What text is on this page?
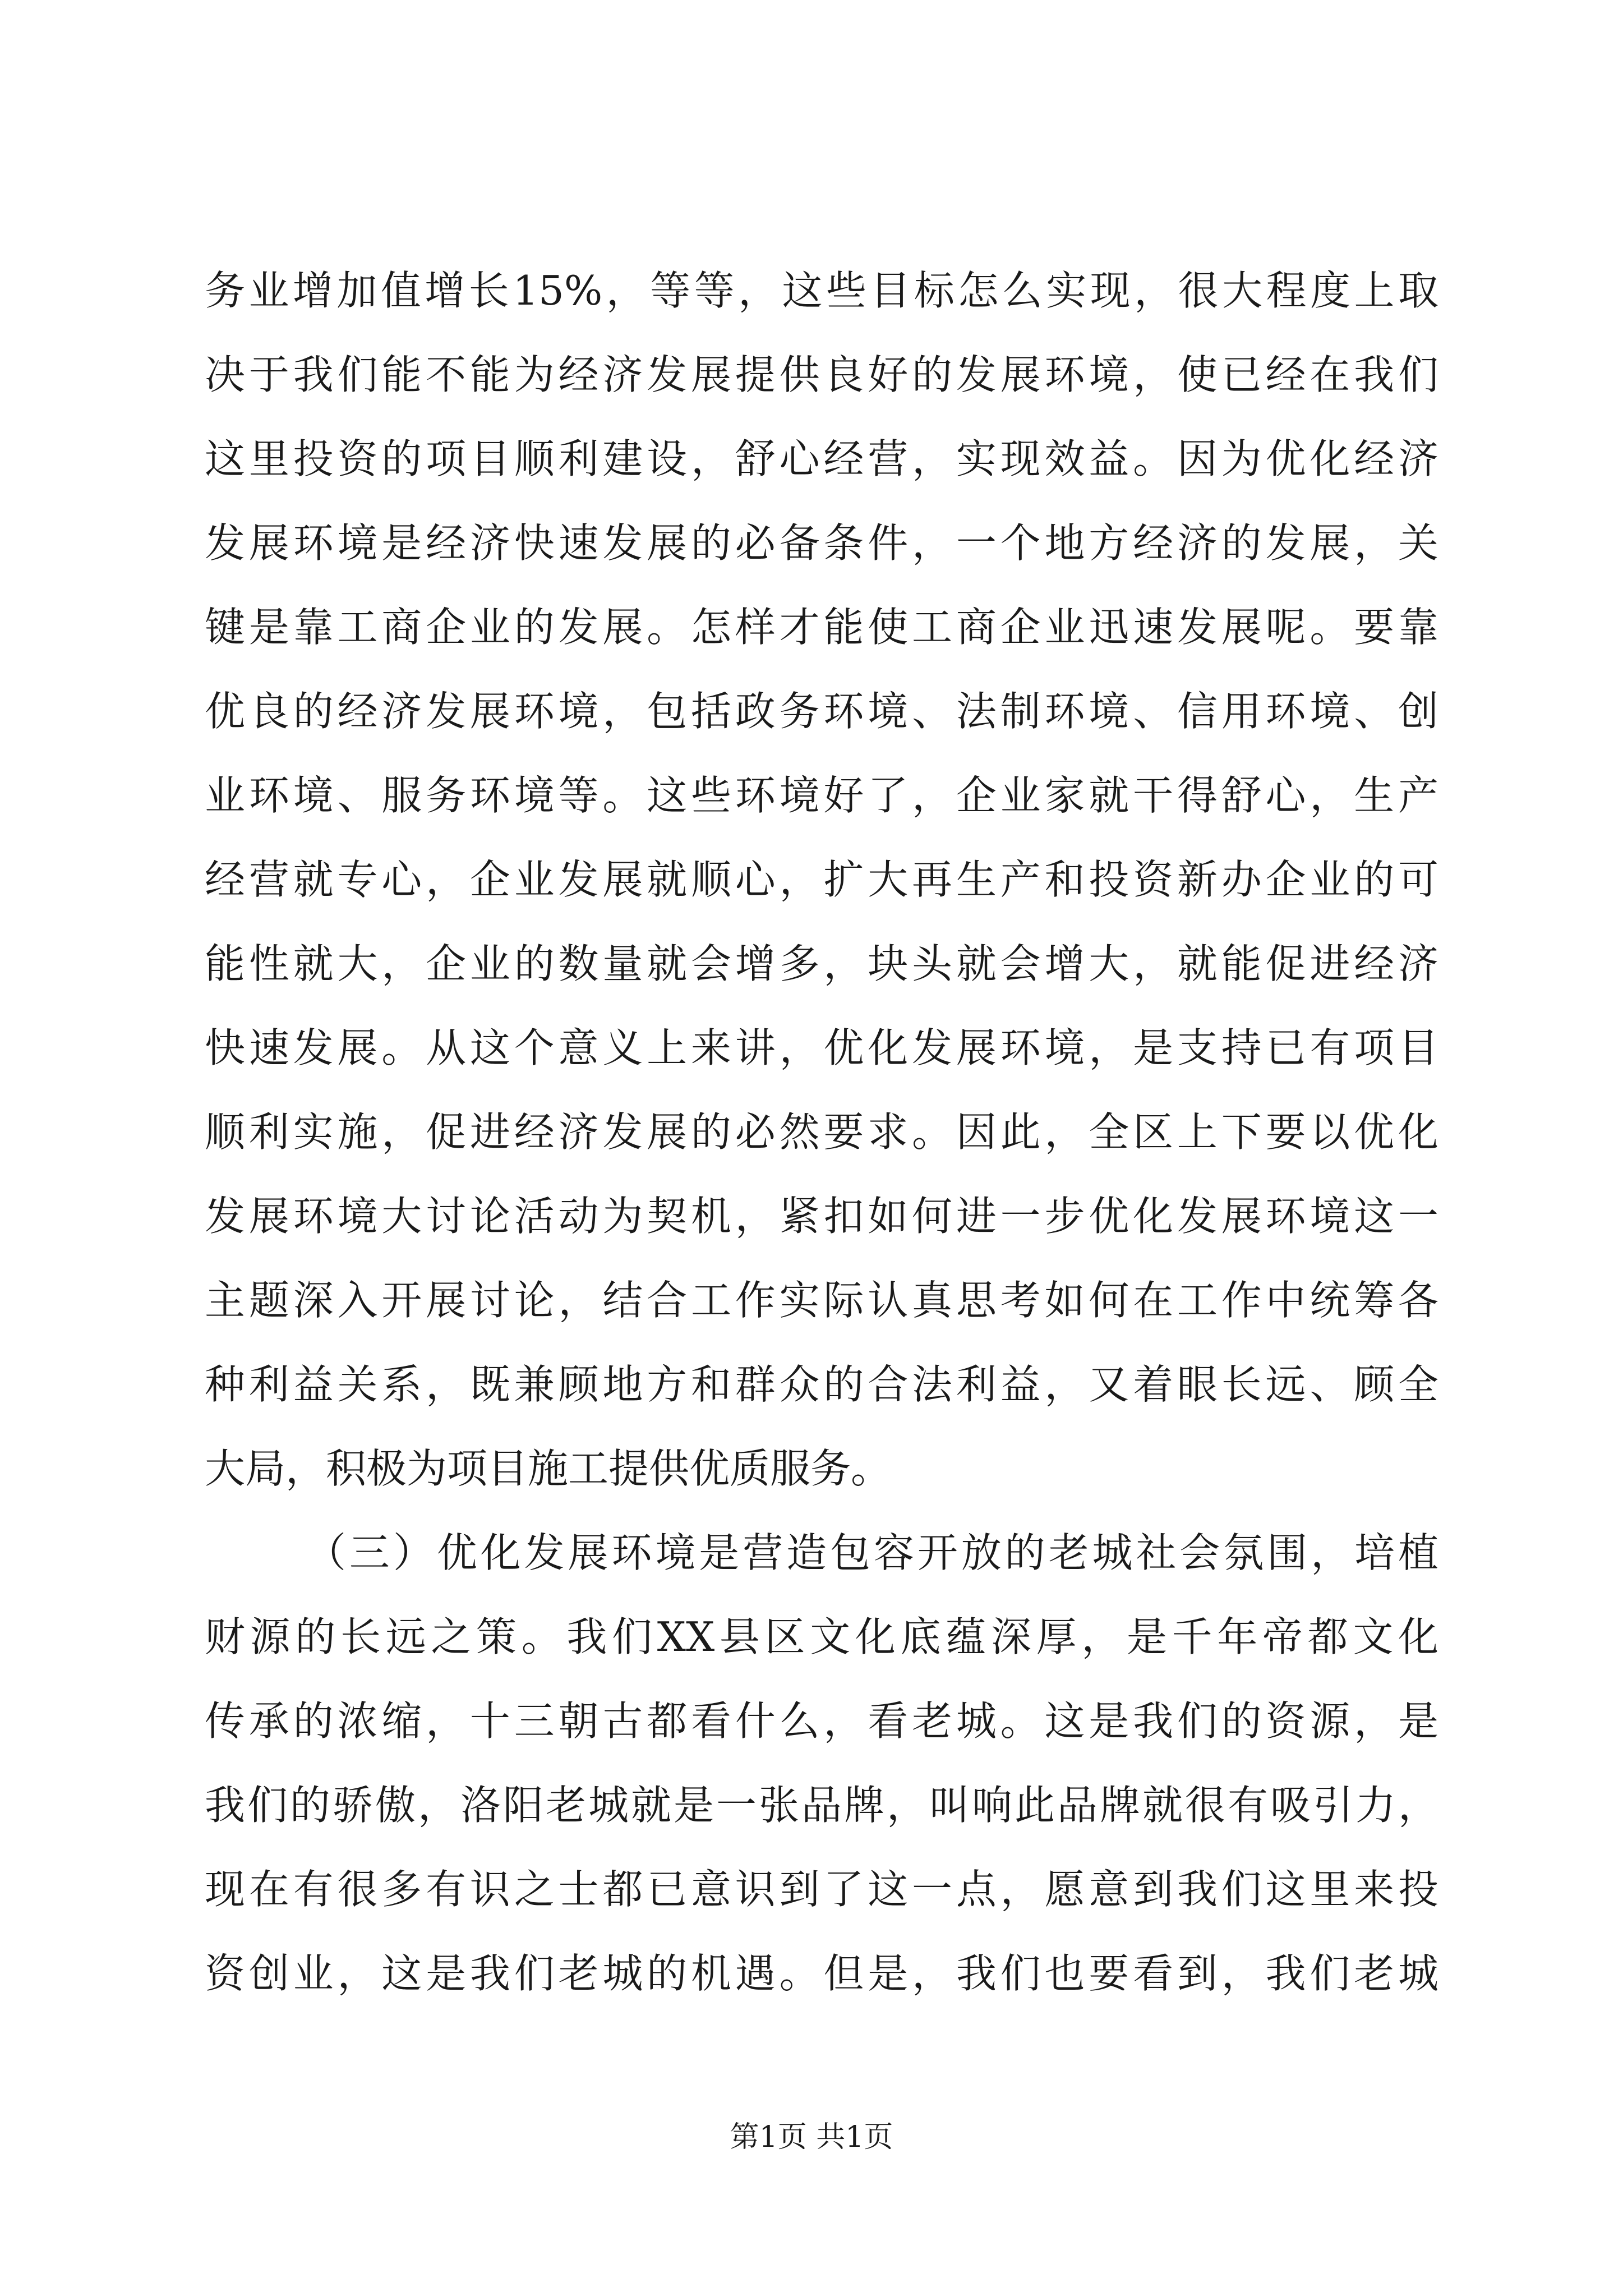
务业增加值增长15%，等等，这些目标怎么实现，很大程度上取
决于我们能不能为经济发展提供良好的发展环境，使已经在我们
这里投资的项目顺利建设，舒心经营，实现效益。因为优化经济
发展环境是经济快速发展的必备条件，一个地方经济的发展，关
键是靠工商企业的发展。怎样才能使工商企业迅速发展呢。要靠
优良的经济发展环境，包括政务环境、法制环境、信用环境、创
业环境、服务环境等。这些环境好了，企业家就干得舒心，生产
经营就专心，企业发展就顺心，扩大再生产和投资新办企业的可
能性就大，企业的数量就会增多，块头就会增大，就能促进经济
快速发展。从这个意义上来讲，优化发展环境，是支持已有项目
顺利实施，促进经济发展的必然要求。因此，全区上下要以优化
发展环境大讨论活动为契机，紧扣如何进一步优化发展环境这一
主题深入开展讨论，结合工作实际认真思考如何在工作中统筹各
种利益关系，既兼顾地方和群众的合法利益，又着眼长远、顾全
大局，积极为项目施工提供优质服务。
（三）优化发展环境是营造包容开放的老城社会氛围，培植
财源的长远之策。我们XX县区文化底蕴深厚，是千年帝都文化
传承的浓缩，十三朝古都看什么，看老城。这是我们的资源，是
我们的骄傲，洛阳老城就是一张品牌，叫响此品牌就很有吸引力，
现在有很多有识之士都已意识到了这一点，愿意到我们这里来投
资创业，这是我们老城的机遇。但是，我们也要看到，我们老城
第1页 共1页
